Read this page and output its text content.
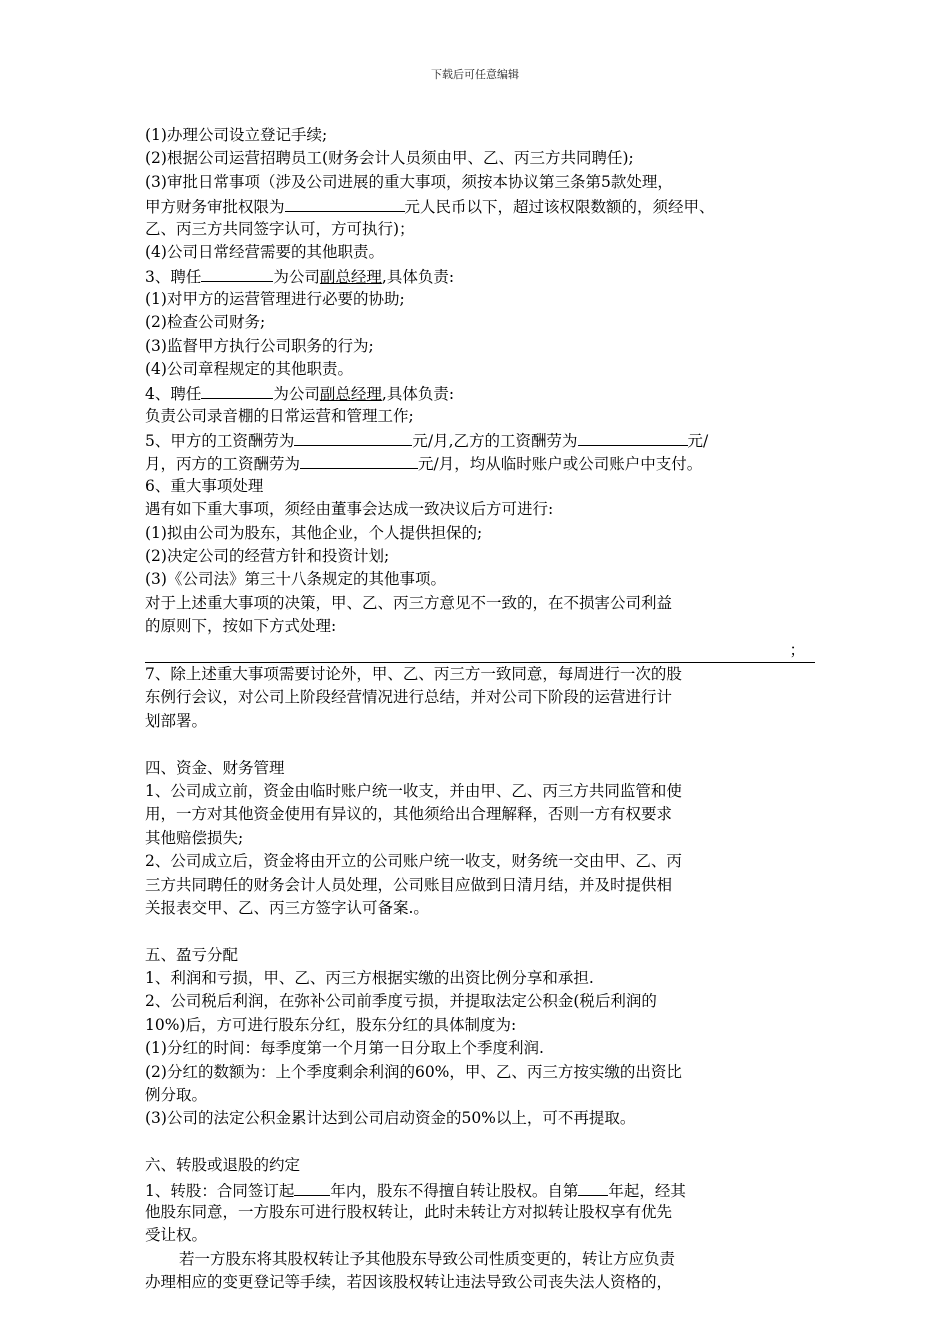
下载后可任意编辑
(1)办理公司设立登记手续;
(2)根据公司运营招聘员工(财务会计人员须由甲、乙、丙三方共同聘任);
(3)审批日常事项（涉及公司进展的重大事项，须按本协议第三条第5款处理，
甲方财务审批权限为	元人民币以下，超过该权限数额的，须经甲、
乙、丙三方共同签字认可，方可执行)；
(4)公司日常经营需要的其他职责。
3、聘任	为公司副总经理,具体负责:
(1)对甲方的运营管理进行必要的协助;
(2)检查公司财务;
(3)监督甲方执行公司职务的行为;
(4)公司章程规定的其他职责。
4、聘任	为公司副总经理,具体负责:
负责公司录音棚的日常运营和管理工作;
5、甲方的工资酬劳为	元/月,乙方的工资酬劳为	元/
月，丙方的工资酬劳为	元/月，均从临时账户或公司账户中支付。
6、重大事项处理
遇有如下重大事项，须经由董事会达成一致决议后方可进行:
(1)拟由公司为股东，其他企业，个人提供担保的;
(2)决定公司的经营方针和投资计划;
(3)《公司法》第三十八条规定的其他事项。
对于上述重大事项的决策，甲、乙、丙三方意见不一致的，在不损害公司利益
的原则下，按如下方式处理:
；
7、除上述重大事项需要讨论外，甲、乙、丙三方一致同意，每周进行一次的股
东例行会议，对公司上阶段经营情况进行总结，并对公司下阶段的运营进行计
划部署。
四、资金、财务管理
1、公司成立前，资金由临时账户统一收支，并由甲、乙、丙三方共同监管和使
用，一方对其他资金使用有异议的，其他须给出合理解释，否则一方有权要求
其他赔偿损失;
2、公司成立后，资金将由开立的公司账户统一收支，财务统一交由甲、乙、丙
三方共同聘任的财务会计人员处理，公司账目应做到日清月结，并及时提供相
关报表交甲、乙、丙三方签字认可备案.。
五、盈亏分配
1、利润和亏损，甲、乙、丙三方根据实缴的出资比例分享和承担.
2、公司税后利润，在弥补公司前季度亏损，并提取法定公积金(税后利润的
10%)后，方可进行股东分红，股东分红的具体制度为:
(1)分红的时间：每季度第一个月第一日分取上个季度利润.
(2)分红的数额为：上个季度剩余利润的60%，甲、乙、丙三方按实缴的出资比
例分取。
(3)公司的法定公积金累计达到公司启动资金的50%以上，可不再提取。
六、转股或退股的约定
1、转股：合同签订起 年内，股东不得擅自转让股权。自第 年起，经其
他股东同意，一方股东可进行股权转让，此时未转让方对拟转让股权享有优先
受让权。
若一方股东将其股权转让予其他股东导致公司性质变更的，转让方应负责
办理相应的变更登记等手续，若因该股权转让违法导致公司丧失法人资格的，
